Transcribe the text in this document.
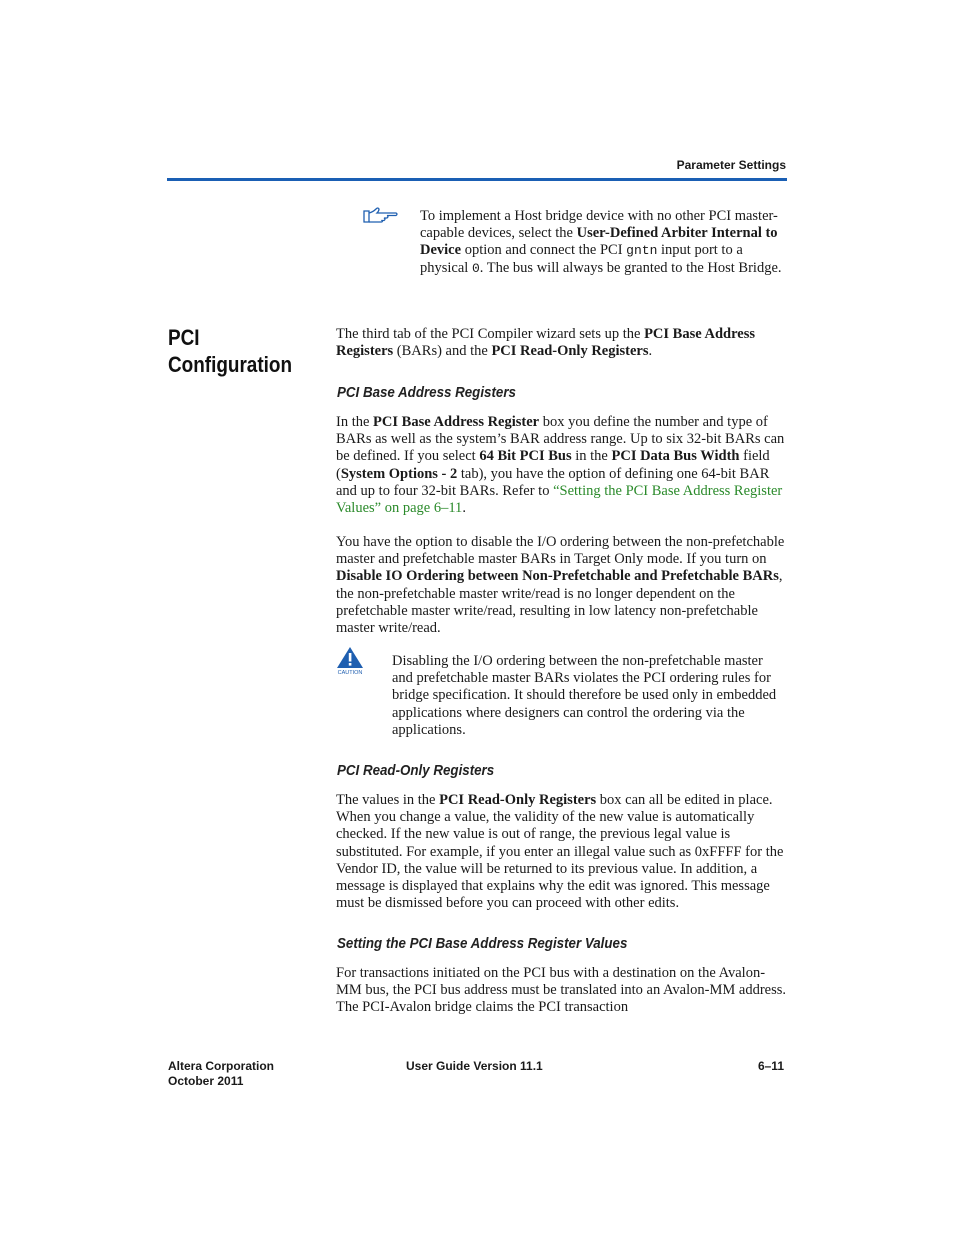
Parameter Settings

To implement a Host bridge device with no other PCI master-capable devices, select the User-Defined Arbiter Internal to Device option and connect the PCI gntn input port to a physical 0. The bus will always be granted to the Host Bridge.

PCI
Configuration

The third tab of the PCI Compiler wizard sets up the PCI Base Address Registers (BARs) and the PCI Read-Only Registers.

PCI Base Address Registers

In the PCI Base Address Register box you define the number and type of BARs as well as the system’s BAR address range. Up to six 32-bit BARs can be defined. If you select 64 Bit PCI Bus in the PCI Data Bus Width field (System Options - 2 tab), you have the option of defining one 64-bit BAR and up to four 32-bit BARs. Refer to “Setting the PCI Base Address Register Values” on page 6–11.

You have the option to disable the I/O ordering between the non-prefetchable master and prefetchable master BARs in Target Only mode. If you turn on Disable IO Ordering between Non-Prefetchable and Prefetchable BARs, the non-prefetchable master write/read is no longer dependent on the prefetchable master write/read, resulting in low latency non-prefetchable master write/read.

CAUTION

Disabling the I/O ordering between the non-prefetchable master and prefetchable master BARs violates the PCI ordering rules for bridge specification. It should therefore be used only in embedded applications where designers can control the ordering via the applications.

PCI Read-Only Registers

The values in the PCI Read-Only Registers box can all be edited in place. When you change a value, the validity of the new value is automatically checked. If the new value is out of range, the previous legal value is substituted. For example, if you enter an illegal value such as 0xFFFF for the Vendor ID, the value will be returned to its previous value. In addition, a message is displayed that explains why the edit was ignored. This message must be dismissed before you can proceed with other edits.

Setting the PCI Base Address Register Values

For transactions initiated on the PCI bus with a destination on the Avalon-MM bus, the PCI bus address must be translated into an Avalon-MM address. The PCI-Avalon bridge claims the PCI transaction

Altera Corporation
October 2011
User Guide Version 11.1	6–11
